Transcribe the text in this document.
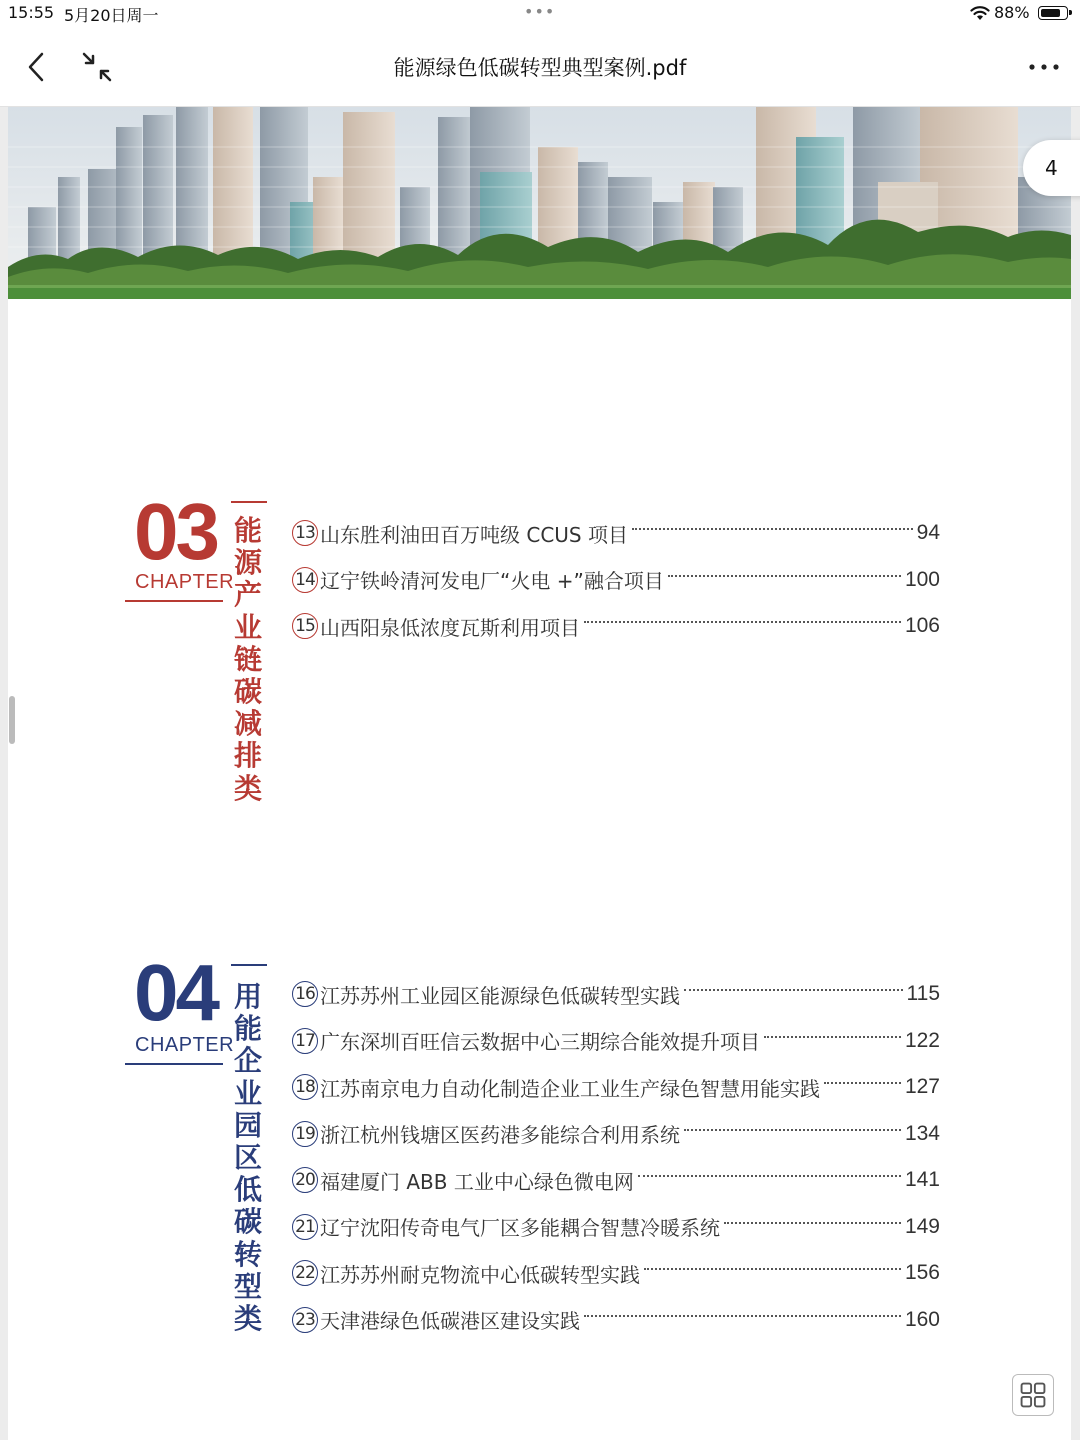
15:55 5月20日周一	•••	88%
能源绿色低碳转型典型案例.pdf
03
CHAPTER
能
源
产
业
链
碳
减
排
类
13 山东胜利油田百万吨级 CCUS 项目	94
14 辽宁铁岭清河发电厂“火电 +”融合项目	100
15 山西阳泉低浓度瓦斯利用项目	106
04
CHAPTER
用
能
企
业
园
区
低
碳
转
型
类
16 江苏苏州工业园区能源绿色低碳转型实践	115
17 广东深圳百旺信云数据中心三期综合能效提升项目	122
18 江苏南京电力自动化制造企业工业生产绿色智慧用能实践	127
19 浙江杭州钱塘区医药港多能综合利用系统	134
20 福建厦门 ABB 工业中心绿色微电网	141
21 辽宁沈阳传奇电气厂区多能耦合智慧冷暖系统	149
22 江苏苏州耐克物流中心低碳转型实践	156
23 天津港绿色低碳港区建设实践	160
4
